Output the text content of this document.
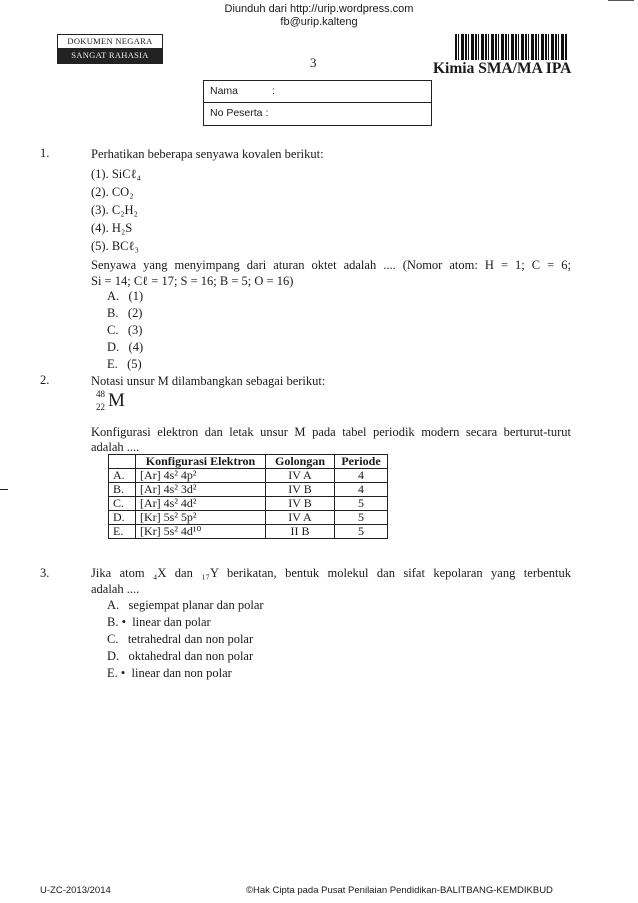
Diunduh dari http://urip.wordpress.com
fb@urip.kalteng
DOKUMEN NEGARA
SANGAT RAHASIA	3	Kimia SMA/MA IPA
Nama	:
No Peserta :
1.	Perhatikan beberapa senyawa kovalen berikut:
(1). SiCℓ₄
(2). CO₂
(3). C₂H₂
(4). H₂S
(5). BCℓ₃
Senyawa yang menyimpang dari aturan oktet adalah .... (Nomor atom: H = 1; C = 6;
Si = 14; Cℓ = 17; S = 16; B = 5; O = 16)
A.   (1)
B.   (2)
C.   (3)
D.   (4)
E.   (5)
2.	Notasi unsur M dilambangkan sebagai berikut:
48
22 M
Konfigurasi elektron dan letak unsur M pada tabel periodik modern secara berturut-turut
adalah ....
	Konfigurasi Elektron	Golongan	Periode
A.	[Ar] 4s² 4p²	IV A	4
B.	[Ar] 4s² 3d²	IV B	4
C.	[Ar] 4s² 4d²	IV B	5
D.	[Kr] 5s² 5p²	IV A	5
E.	[Kr] 5s² 4d¹⁰	II B	5
3.	Jika atom ₄X dan ₁₇Y berikatan, bentuk molekul dan sifat kepolaran yang terbentuk
adalah ....
A.   segiempat planar dan polar
B. •  linear dan polar
C.   tetrahedral dan non polar
D.   oktahedral dan non polar
E. •  linear dan non polar
U-ZC-2013/2014	©Hak Cipta pada Pusat Penilaian Pendidikan-BALITBANG-KEMDIKBUD
